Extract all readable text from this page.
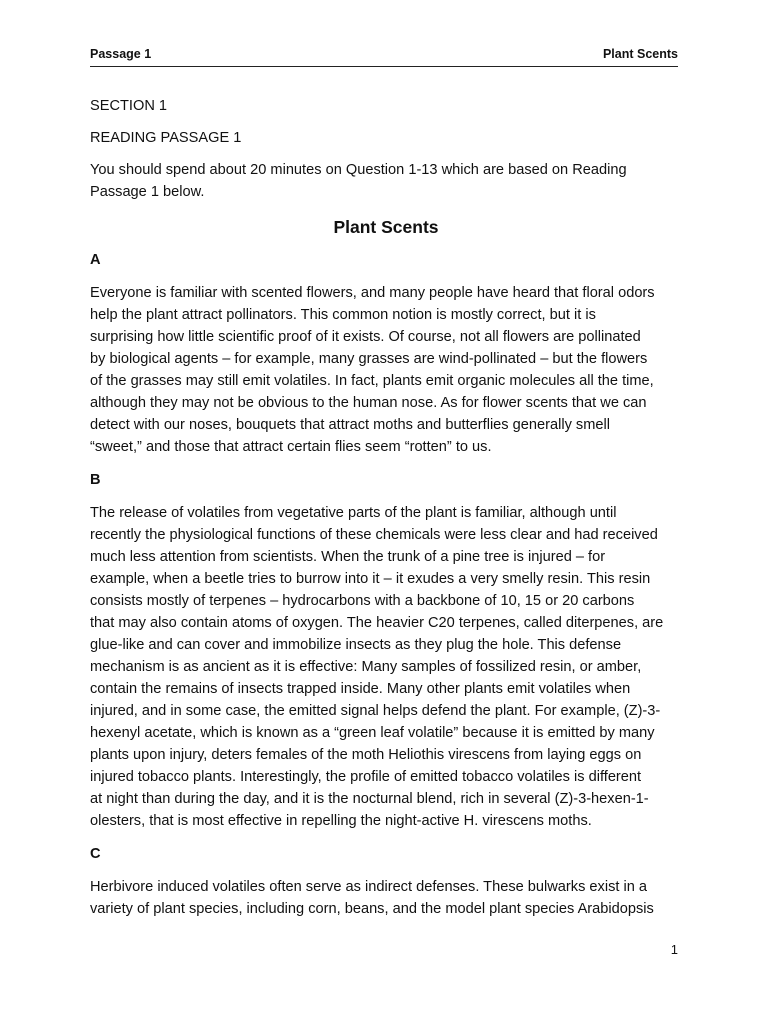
Passage 1	Plant Scents
SECTION 1
READING PASSAGE 1
You should spend about 20 minutes on Question 1-13 which are based on Reading
Passage 1 below.
Plant Scents
A
Everyone is familiar with scented flowers, and many people have heard that floral odors
help the plant attract pollinators. This common notion is mostly correct, but it is
surprising how little scientific proof of it exists. Of course, not all flowers are pollinated
by biological agents – for example, many grasses are wind-pollinated – but the flowers
of the grasses may still emit volatiles. In fact, plants emit organic molecules all the time,
although they may not be obvious to the human nose. As for flower scents that we can
detect with our noses, bouquets that attract moths and butterflies generally smell
“sweet,” and those that attract certain flies seem “rotten” to us.
B
The release of volatiles from vegetative parts of the plant is familiar, although until
recently the physiological functions of these chemicals were less clear and had received
much less attention from scientists. When the trunk of a pine tree is injured – for
example, when a beetle tries to burrow into it – it exudes a very smelly resin. This resin
consists mostly of terpenes – hydrocarbons with a backbone of 10, 15 or 20 carbons
that may also contain atoms of oxygen. The heavier C20 terpenes, called diterpenes, are
glue-like and can cover and immobilize insects as they plug the hole. This defense
mechanism is as ancient as it is effective: Many samples of fossilized resin, or amber,
contain the remains of insects trapped inside. Many other plants emit volatiles when
injured, and in some case, the emitted signal helps defend the plant. For example, (Z)-3-
hexenyl acetate, which is known as a “green leaf volatile” because it is emitted by many
plants upon injury, deters females of the moth Heliothis virescens from laying eggs on
injured tobacco plants. Interestingly, the profile of emitted tobacco volatiles is different
at night than during the day, and it is the nocturnal blend, rich in several (Z)-3-hexen-1-
olesters, that is most effective in repelling the night-active H. virescens moths.
C
Herbivore induced volatiles often serve as indirect defenses. These bulwarks exist in a
variety of plant species, including corn, beans, and the model plant species Arabidopsis
1
